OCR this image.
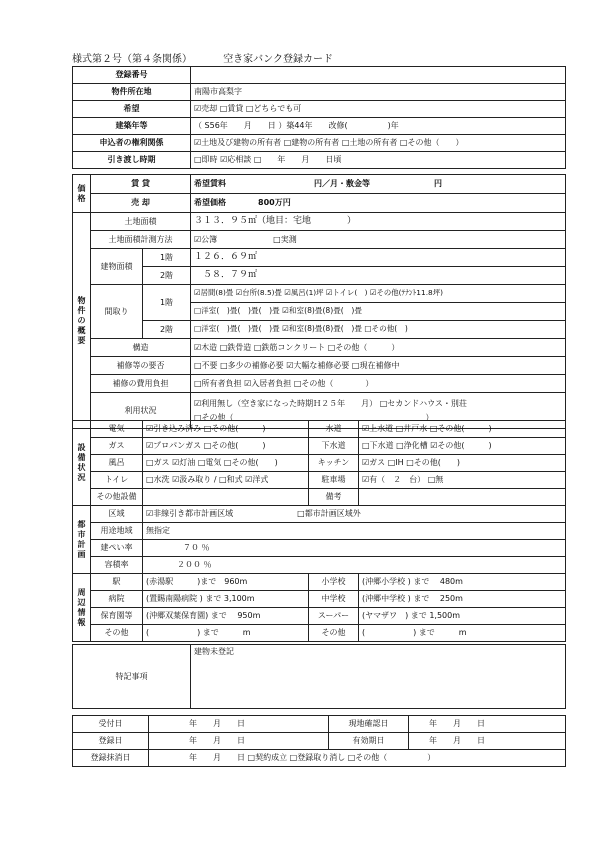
様式第２号（第４条関係）	空き家バンク登録カード
登録番号	
物件所在地	南陽市高梨字
希望	☑売却 □賃貸 □どちらでも可
建築年等	（ S56年　　月　　日 ）築44年　　改修(　　　　　)年
申込者の権利関係	☑土地及び建物の所有者 □建物の所有者 □土地の所有者 □その他（　　）
引き渡し時期	□即時 ☑応相談 □　　年　　月　　日頃
価格	賃 貸	希望賃料　　　　　　　　　　　円／月・敷金等　　　　　　　　円
	売 却	希望価格　　　　800万円
物件の概要	土地面積		３１３．９５㎡（地目：宅地　　　　）
	土地面積計測方法		☑公簿　　　　　　　□実測
	建物面積	1階	１２６．６９㎡
		2階	５８．７９㎡
	間取り	1階	☑居間(8)畳 ☑台所(8.5)畳 ☑風呂(1)坪 ☑トイレ(　) ☑その他(ﾃﾅﾝﾄ11.8坪)
			□洋室(　)畳(　)畳(　)畳 ☑和室(8)畳(8)畳(　)畳
		2階	□洋室(　)畳(　)畳(　)畳 ☑和室(8)畳(8)畳(　)畳 □その他(　)
	構造		☑木造 □鉄骨造 □鉄筋コンクリート □その他（　　　）
	補修等の要否		□不要 □多少の補修必要 ☑大幅な補修必要 □現在補修中
	補修の費用負担		□所有者負担 ☑入居者負担 □その他（　　　　）
	利用状況		☑利用無し（空き家になった時期Ｈ２５年　　月） □セカンドハウス・別荘
□その他（　　　　　　　　　　　　　　　　　　　　　　　　）
設備状況	電気	☑引き込み済み □その他(　　　)	水道	☑上水道 □井戸水 □その他(　　　)
	ガス	☑プロパンガス □その他(　　　)	下水道	□下水道 □浄化槽 ☑その他(　　　)
	風呂	□ガス ☑灯油 □電気 □その他(　　)	キッチン	☑ガス □IH □その他(　　)
	トイレ	□水洗 ☑汲み取り / □和式 ☑洋式	駐車場	☑有（　２　台） □無
	その他設備		備考	
都市計画	区域	☑非線引き都市計画区域　　　　　　　　□都市計画区域外
	用途地域	無指定
	建ぺい率	７０ ％
	容積率	２００ ％
周辺情報	駅	(赤湯駅　　　)まで　960m	小学校	(沖郷小学校 ) まで　 480m
	病院	(置賜南陽病院 ) まで 3,100m	中学校	(沖郷中学校 ) まで　 250m
	保育園等	(沖郷双葉保育園) まで　 950m	スーパー	(ヤマザワ　) まで 1,500m
	その他	(　　　　　　) まで　　　m	その他	(　　　　　　) まで　　　m
特記事項	建物未登記
受付日	年　　月　　日	現地確認日	年　　月　　日
登録日	年　　月　　日	有効期日	年　　月　　日
登録抹消日	年　　月　　日 □契約成立 □登録取り消し □その他（　　　　　）		
